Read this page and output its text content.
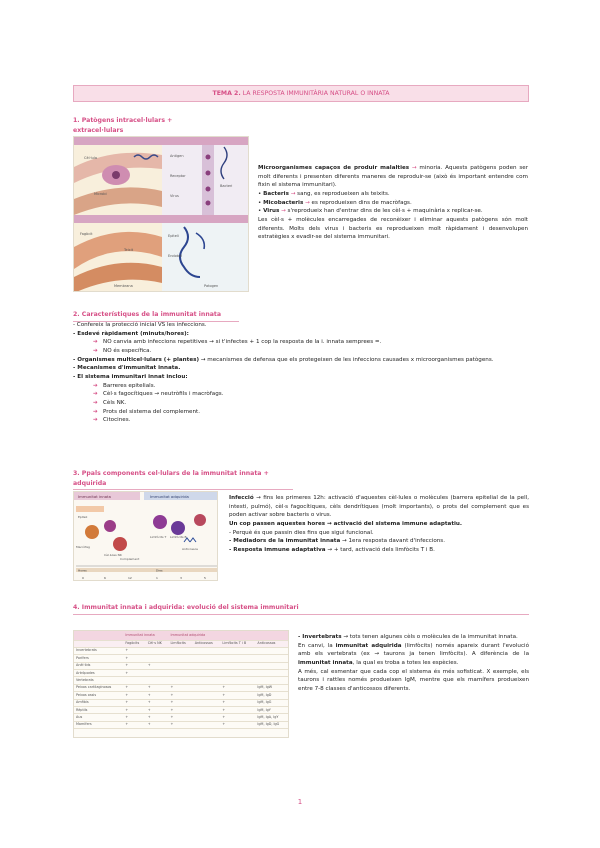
TEMA 2. LA RESPOSTA IMMUNITÀRIA NATURAL O INNATA
1. Patògens intracel·lulars + extracel·lulars
Microbi
Cèl·lula	Antigen
Receptor
Virus
Bacteri
Fagòcit
Teixit
Epiteli
Endoteli
Patogen
Membrana
Microorganismes capaços de produir malalties → minoria. Aquests patògens poden ser molt diferents i presenten diferents maneres de reproduir-se (això és important entendre com fixin el sistema immunitari).
• Bacteris → sang, es reprodueixen als teixits.
• Micobacteris → es reprodueixen dins de macròfags.
• Virus → s'reprodueix han d'entrar dins de les cèl·s + maquinària x replicar-se.
Les cèl·s + molècules encarregades de reconèixer i eliminar aquests patògens són molt diferents. Molts dels virus i bacteris es reprodueixen molt ràpidament i desenvolupen estratègies x evadir-se del sistema immunitari.
2. Característiques de la immunitat innata
- Confereix la protecció inicial VS les infeccions.
- Esdevé ràpidament (minuts/hores):
➔ NO canvia amb infeccions repetitives → si t'infectes + 1 cop la resposta de la i. innata semprees =.
➔ NO és específica.
- Organismes multicel·lulars (+ plantes) → mecanismes de defensa que els protegeixen de les infeccions causades x microorganismes patògens.
- Mecanismes d'immunitat innata.
- El sistema immunitari innat inclou:
➔ Barreres epitelials.
➔ Cèl·s fagocítiques → neutròfils i macròfags.
➔ Cèls NK.
➔ Prots del sistema del complement.
➔ Citocines.
3. Ppals components cel·lulars de la immunitat innata + adquirida
Immunitat innata	Immunitat adquirida
Epiteli
Macròfag
Cèl·lules NK
Limfòcits T Limfòcits B
Anticossos
Complement
Hores	Dies
0	6	12	1	3	5
Infecció → fins les primeres 12h: activació d'aquestes cèl·lules o molècules (barrera epitelial de la pell, intesti, pulmó), cèl·s fagocítiques, cèls dendrítiques (molt importants), o prots del complement que es poden activar sobre bacteris o virus.
Un cop passen aquestes hores → activació del sistema immune adaptatiu.
- Perquè és que passin dies fins que sigui funcional.
- Mediadors de la immunitat innata → 1era resposta davant d'infeccions.
- Resposta immune adaptativa → + tard, activació dels limfòcits T i B.
4. Immunitat innata i adquirida: evolució del sistema immunitari
	Immunitat innata		Immunitat adquirida			
	Fagòcits	Cèl·s NK	Limfòcits	Anticossos	Limfòcits T i B	Anticossos
Invertebrats	+					
Porífers	+					
Anèl·lids	+	+				
Artròpodes	+					
Vertebrats						
Peixos cartilaginosos	+	+	+		+	IgM, IgW
Peixos ossis	+	+	+		+	IgM, IgD
Amfibis	+	+	+		+	IgM, IgG
Rèptils	+	+	+		+	IgM, IgY
Aus	+	+	+		+	IgM, IgA, IgY
Mamífers	+	+	+		+	IgM, IgD, IgG
- Invertebrats → tots tenen algunes cèls o molècules de la immunitat innata.
En canvi, la immunitat adquirida (limfòcits) només apareix durant l'evolució amb els vertebrats (ex → taurons ja tenen limfòcits). A diferència de la immunitat innata, la qual es troba a totes les espècies.
A més, cal esmentar que cada cop el sistema és més sofisticat. X exemple, els taurons i rattles només produeixen IgM, mentre que els mamífers produeixen entre 7-8 classes d'anticossos diferents.
1
